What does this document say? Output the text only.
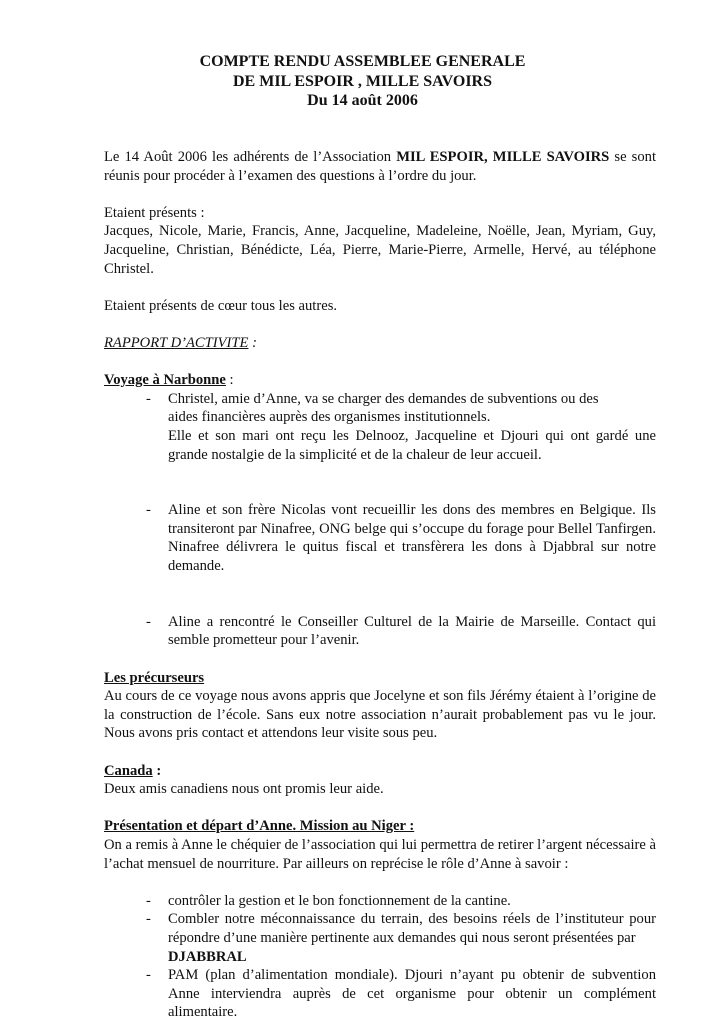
COMPTE RENDU ASSEMBLEE GENERALE
DE MIL ESPOIR , MILLE SAVOIRS
Du 14 août 2006

Le 14 Août 2006 les adhérents de l’Association MIL ESPOIR, MILLE SAVOIRS se sont réunis pour procéder à l’examen des questions à l’ordre du jour.

Etaient présents :

Jacques, Nicole, Marie, Francis, Anne, Jacqueline, Madeleine, Noëlle, Jean, Myriam, Guy, Jacqueline, Christian, Bénédicte, Léa, Pierre, Marie-Pierre, Armelle, Hervé, au téléphone Christel.

Etaient présents de cœur tous les autres.

RAPPORT D’ACTIVITE :

Voyage à Narbonne :

-	Christel, amie d’Anne, va se charger des demandes de subventions ou des
aides financières auprès des organismes institutionnels.
Elle et son mari ont reçu les Delnooz, Jacqueline et Djouri qui ont gardé une grande nostalgie de la simplicité et de la chaleur de leur accueil.
-	Aline et son frère Nicolas vont recueillir les dons des membres en Belgique. Ils transiteront par Ninafree, ONG belge qui s’occupe du forage pour Bellel Tanfirgen. Ninafree délivrera le quitus fiscal et transfèrera les dons à Djabbral sur notre demande.
-	Aline a rencontré le Conseiller Culturel de la Mairie de Marseille. Contact qui semble prometteur pour l’avenir.

Les précurseurs

Au cours de ce voyage nous avons appris que Jocelyne et son fils Jérémy étaient à l’origine de la construction de l’école. Sans eux notre association n’aurait probablement pas vu le jour. Nous avons pris contact et attendons leur visite sous peu.

Canada :

Deux amis canadiens nous ont promis leur aide.

Présentation et départ d’Anne. Mission au Niger :

On a remis à Anne le chéquier de l’association qui lui permettra de retirer l’argent nécessaire à l’achat mensuel de nourriture. Par ailleurs on reprécise le rôle d’Anne à savoir :

-	contrôler la gestion et le bon fonctionnement de la cantine.
-	Combler notre méconnaissance du terrain, des besoins réels de l’instituteur pour répondre d’une manière pertinente aux demandes qui nous seront présentées par
DJABBRAL
-	PAM (plan d’alimentation mondiale). Djouri n’ayant pu obtenir de subvention Anne interviendra auprès de cet organisme pour obtenir un complément alimentaire.
